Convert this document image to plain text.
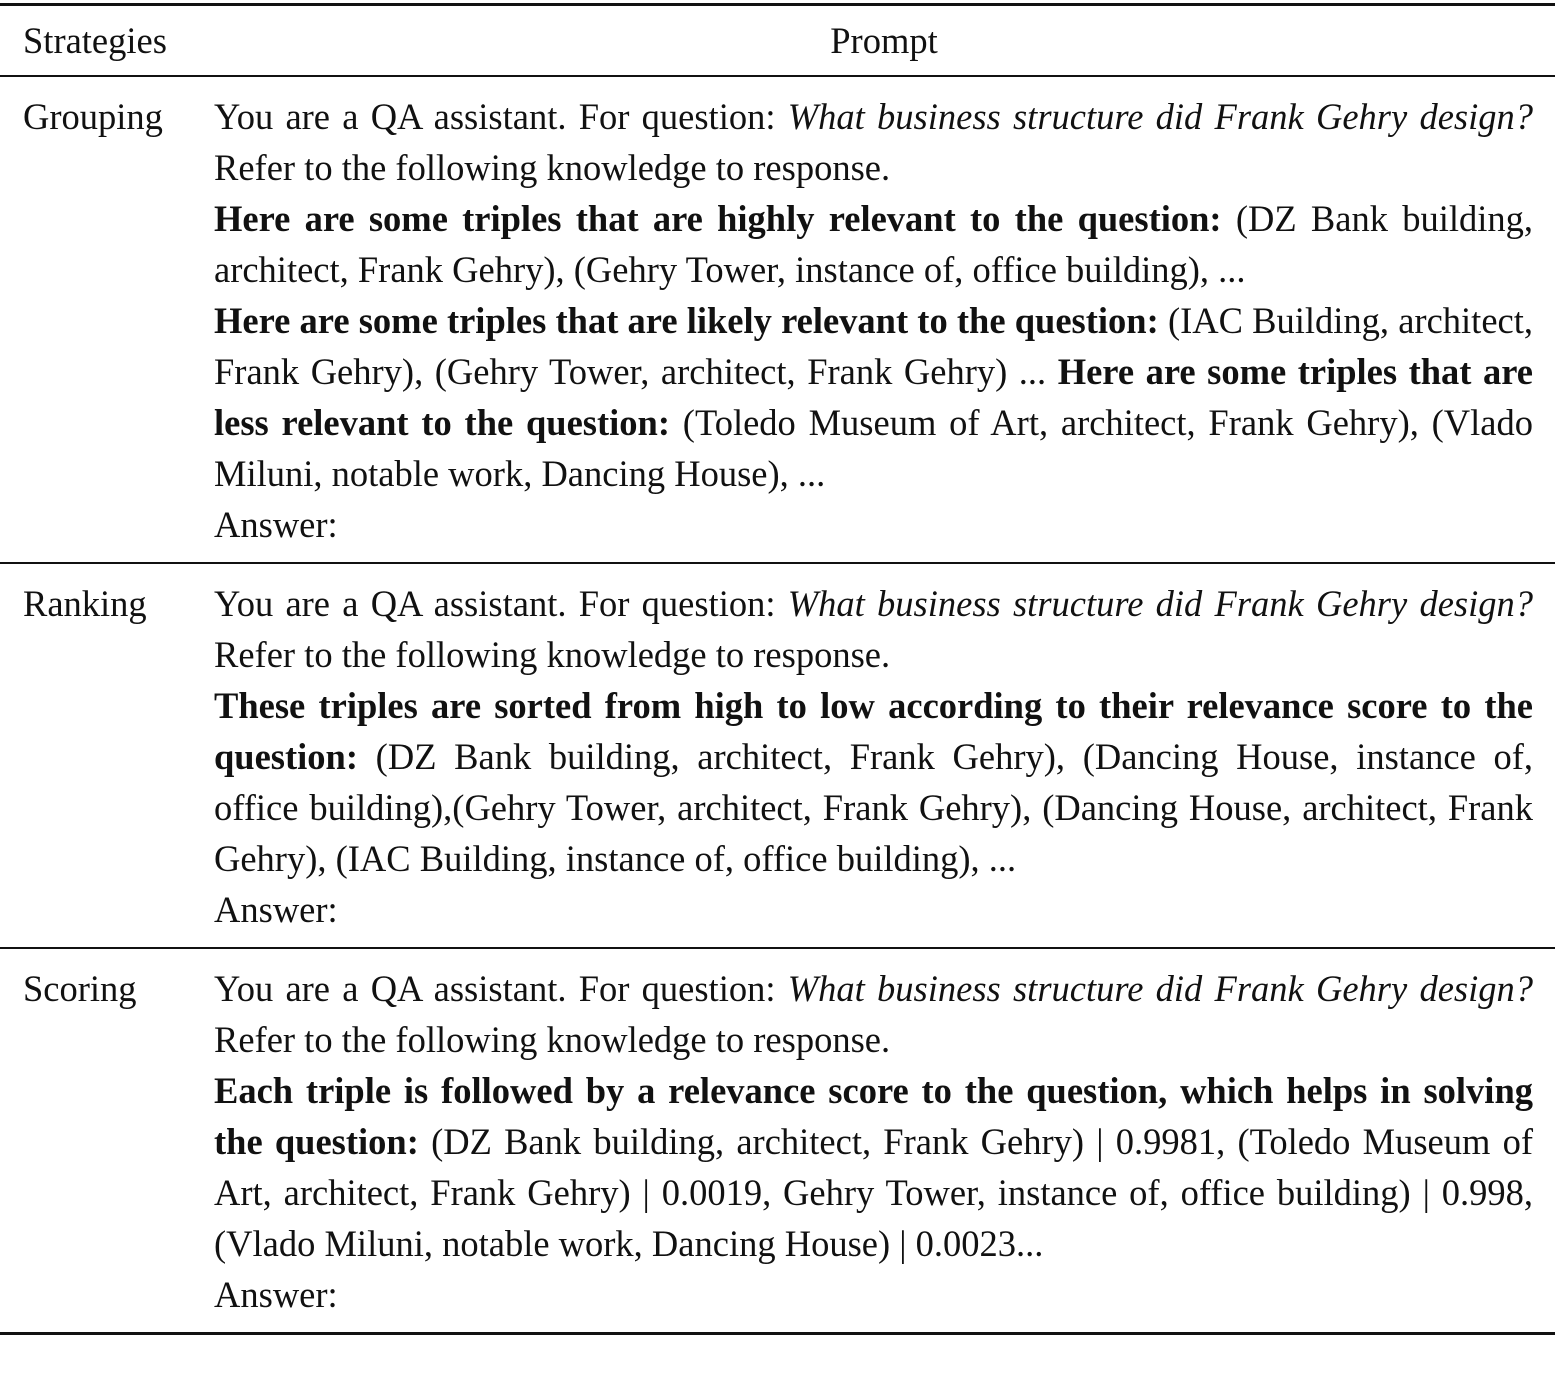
Strategies	Prompt
Grouping	You are a QA assistant. For question: What business structure did Frank Gehry design? Refer to the following knowledge to response.
Here are some triples that are highly relevant to the question: (DZ Bank building, architect, Frank Gehry), (Gehry Tower, instance of, office building), ...
Here are some triples that are likely relevant to the question: (IAC Building, architect, Frank Gehry), (Gehry Tower, architect, Frank Gehry) ... Here are some triples that are less relevant to the question: (Toledo Museum of Art, architect, Frank Gehry), (Vlado Miluni, notable work, Dancing House), ...
Answer:

Ranking	You are a QA assistant. For question: What business structure did Frank Gehry design? Refer to the following knowledge to response.
These triples are sorted from high to low according to their relevance score to the question: (DZ Bank building, architect, Frank Gehry), (Dancing House, instance of, office building),(Gehry Tower, architect, Frank Gehry), (Dancing House, architect, Frank Gehry), (IAC Building, instance of, office building), ...
Answer:

Scoring	You are a QA assistant. For question: What business structure did Frank Gehry design? Refer to the following knowledge to response.
Each triple is followed by a relevance score to the question, which helps in solving the question: (DZ Bank building, architect, Frank Gehry) | 0.9981, (Toledo Museum of Art, architect, Frank Gehry) | 0.0019, Gehry Tower, instance of, office building) | 0.998, (Vlado Miluni, notable work, Dancing House) | 0.0023...
Answer:
